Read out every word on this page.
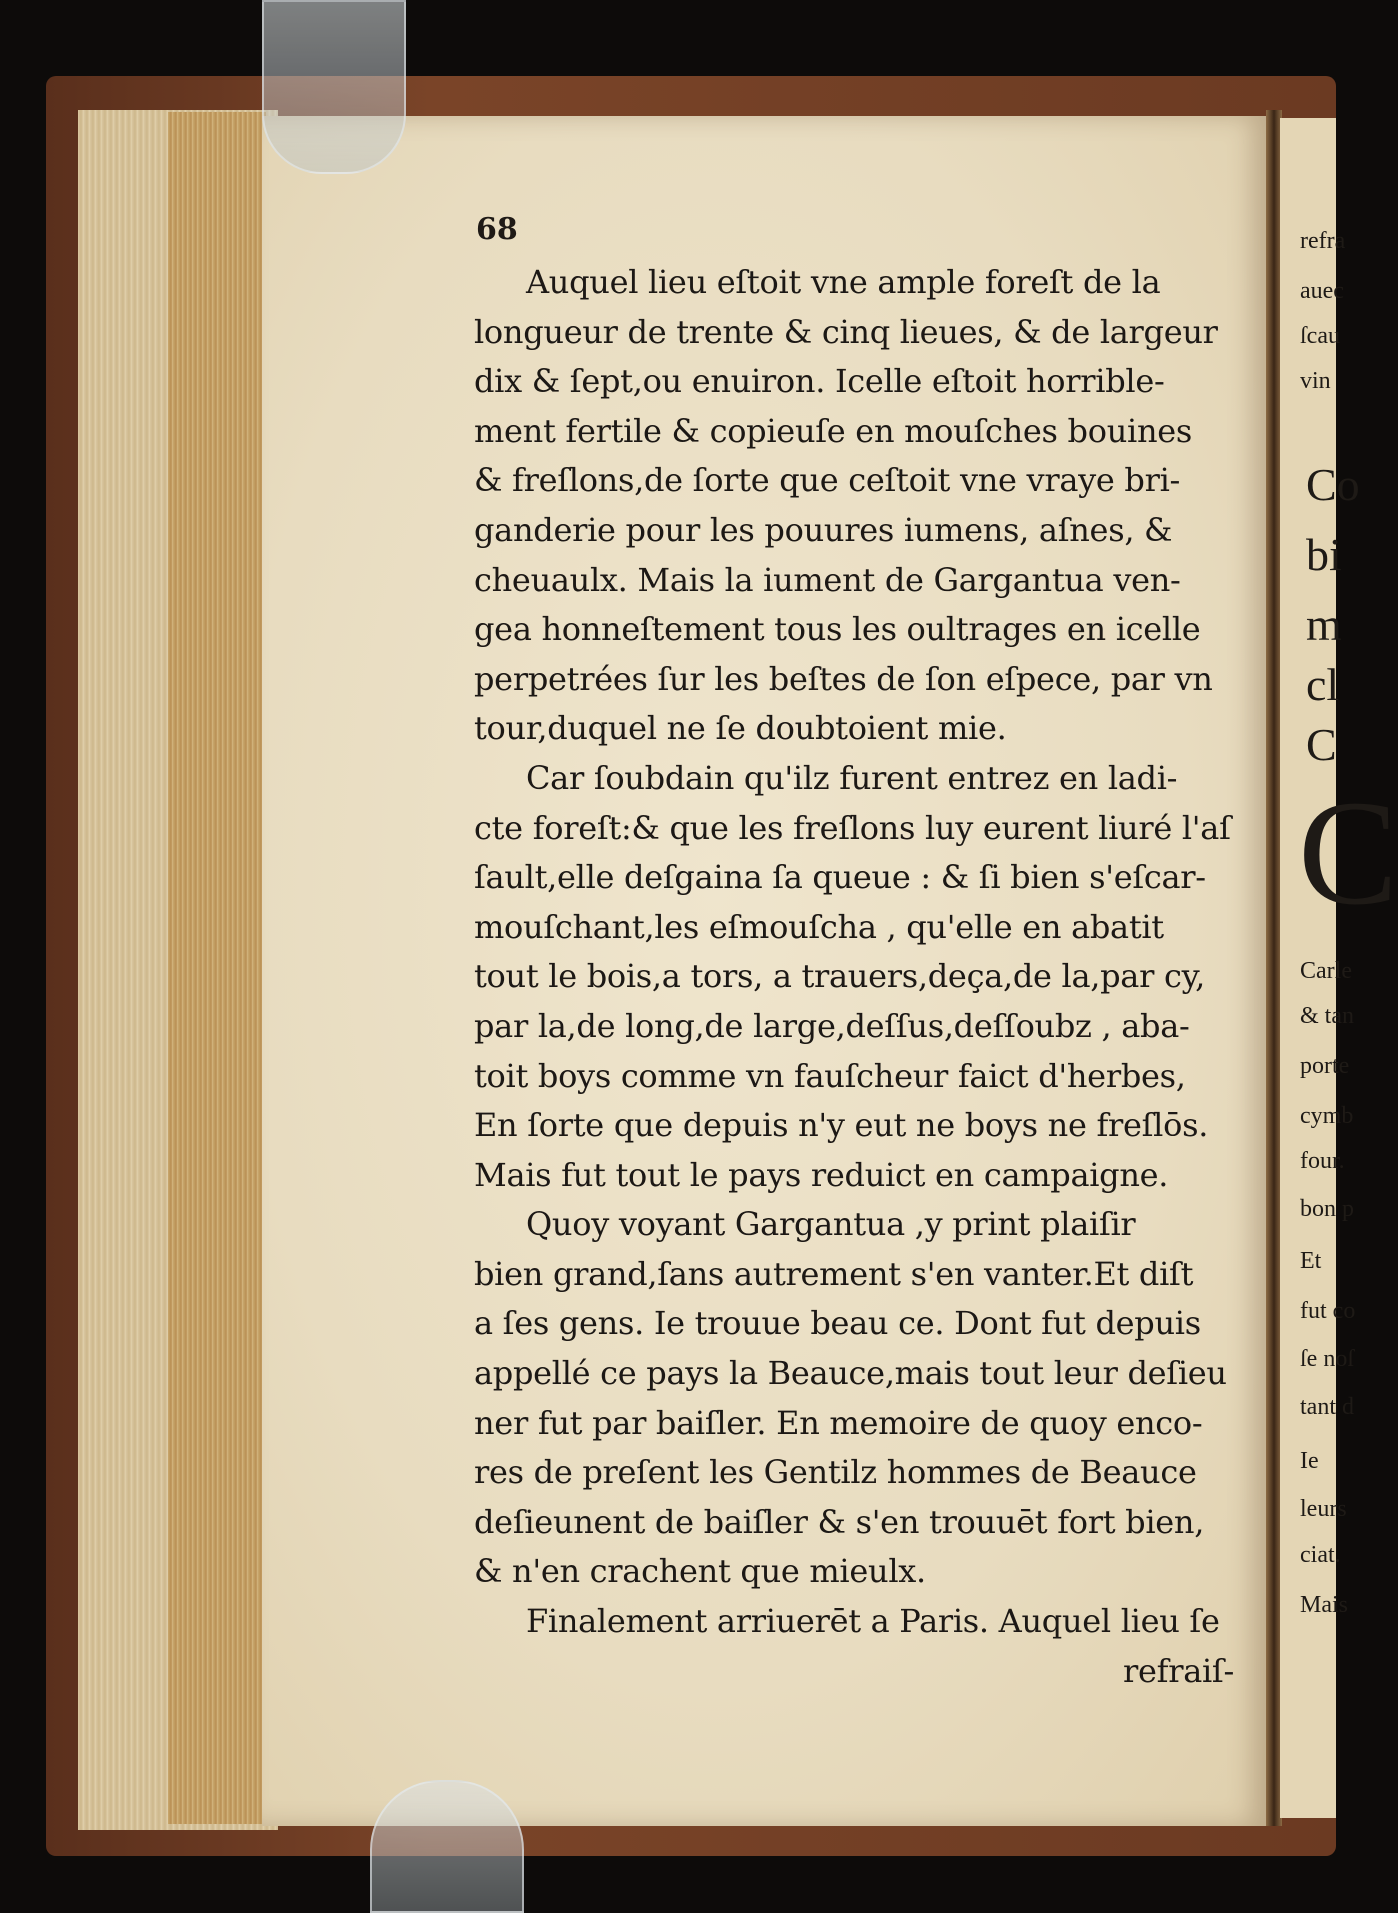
refra
auec
ſcau
vin
Co
bi
m
cl
C
C
Carle
& tan
porte
cymb
four.
bon p
Et
fut co
ſe noſ
tant d
Ie
leurs
ciat.
Mais
68
Auquel lieu eſtoit vne ample foreſt de la
longueur de trente & cinq lieues, & de largeur
dix & ſept,ou enuiron. Icelle eſtoit horrible-
ment fertile & copieuſe en mouſches bouines
& freſlons,de ſorte que ceſtoit vne vraye bri-
ganderie pour les pouures iumens, aſnes, &
cheuaulx. Mais la iument de Gargantua ven-
gea honneſtement tous les oultrages en icelle
perpetrées ſur les beſtes de ſon eſpece, par vn
tour,duquel ne ſe doubtoient mie.
Car ſoubdain qu'ilz furent entrez en ladi-
cte foreſt:& que les freſlons luy eurent liuré l'aſ
ſault,elle deſgaina ſa queue : & ſi bien s'eſcar-
mouſchant,les eſmouſcha , qu'elle en abatit
tout le bois,a tors, a trauers,deça,de la,par cy,
par la,de long,de large,deſſus,deſſoubz , aba-
toit boys comme vn fauſcheur faict d'herbes,
En ſorte que depuis n'y eut ne boys ne freſlōs.
Mais fut tout le pays reduict en campaigne.
Quoy voyant Gargantua ,y print plaiſir
bien grand,ſans autrement s'en vanter.Et diſt
a ſes gens. Ie trouue beau ce. Dont fut depuis
appellé ce pays la Beauce,mais tout leur deſieu
ner fut par baiſler. En memoire de quoy enco-
res de preſent les Gentilz hommes de Beauce
deſieunent de baiſler & s'en trouuēt fort bien,
& n'en crachent que mieulx.
Finalement arriuerēt a Paris. Auquel lieu ſe
refraiſ-
